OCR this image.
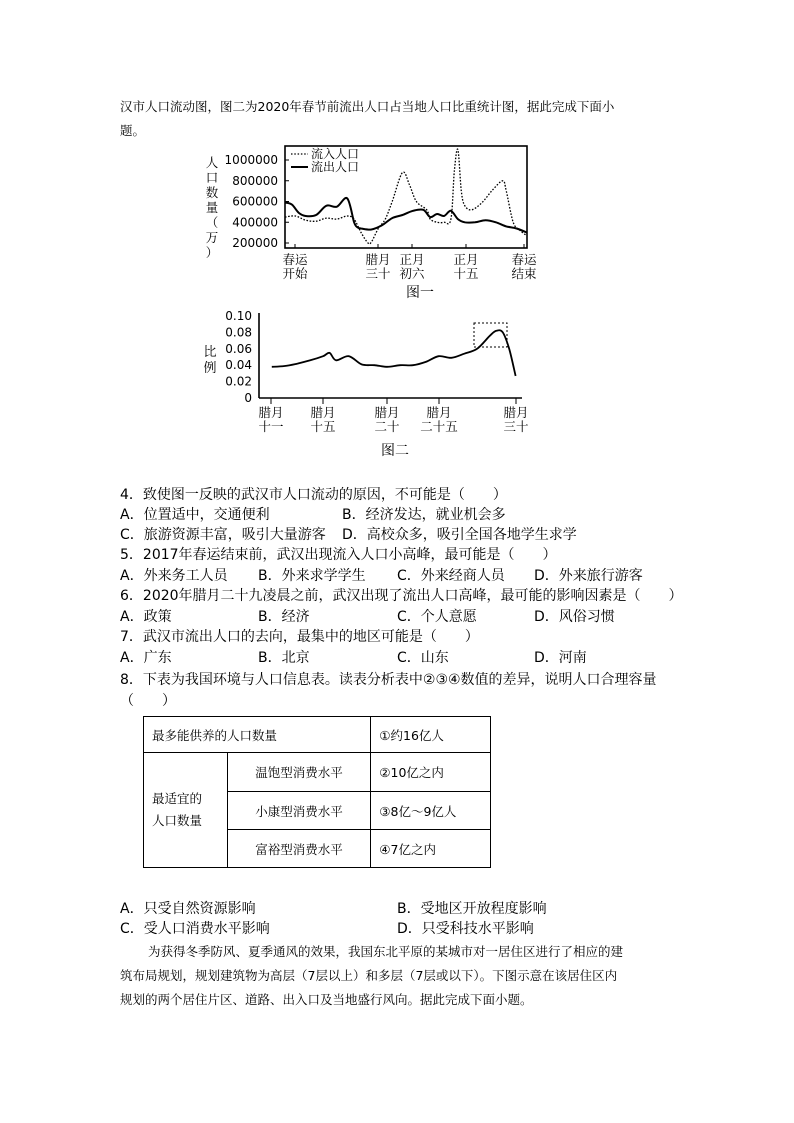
汉市人口流动图，图二为2020年春节前流出人口占当地人口比重统计图，据此完成下面小
题。
人
口
数
量
（
万
）
1000000
800000
600000
400000
200000
流入人口
流出人口
春运
开始
腊月
三十
正月
初六
正月
十五
春运
结束
图一
比
例
0.10
0.08
0.06
0.04
0.02
0
腊月
十一
腊月
十五
腊月
二十
腊月
二十五
腊月
三十
图二
4．致使图一反映的武汉市人口流动的原因，不可能是（　　）
A．位置适中，交通便利	B．经济发达，就业机会多
C．旅游资源丰富，吸引大量游客 D．高校众多，吸引全国各地学生求学
5．2017年春运结束前，武汉出现流入人口小高峰，最可能是（　　）
A．外来务工人员 B．外来求学学生 C．外来经商人员 D．外来旅行游客
6．2020年腊月二十九凌晨之前，武汉出现了流出人口高峰，最可能的影响因素是（　　）
A．政策	B．经济	C．个人意愿	D．风俗习惯
7．武汉市流出人口的去向，最集中的地区可能是（　　）
A．广东	B．北京	C．山东	D．河南
8．下表为我国环境与人口信息表。读表分析表中②③④数值的差异，说明人口合理容量
（　　）
最多能供养的人口数量		①约16亿人

最适宜的
人口数量	温饱型消费水平	②10亿之内
	小康型消费水平	③8亿～9亿人
	富裕型消费水平	④7亿之内
A．只受自然资源影响	B．受地区开放程度影响
C．受人口消费水平影响	D．只受科技水平影响
为获得冬季防风、夏季通风的效果，我国东北平原的某城市对一居住区进行了相应的建
筑布局规划，规划建筑物为高层（7层以上）和多层（7层或以下）。下图示意在该居住区内
规划的两个居住片区、道路、出入口及当地盛行风向。据此完成下面小题。
